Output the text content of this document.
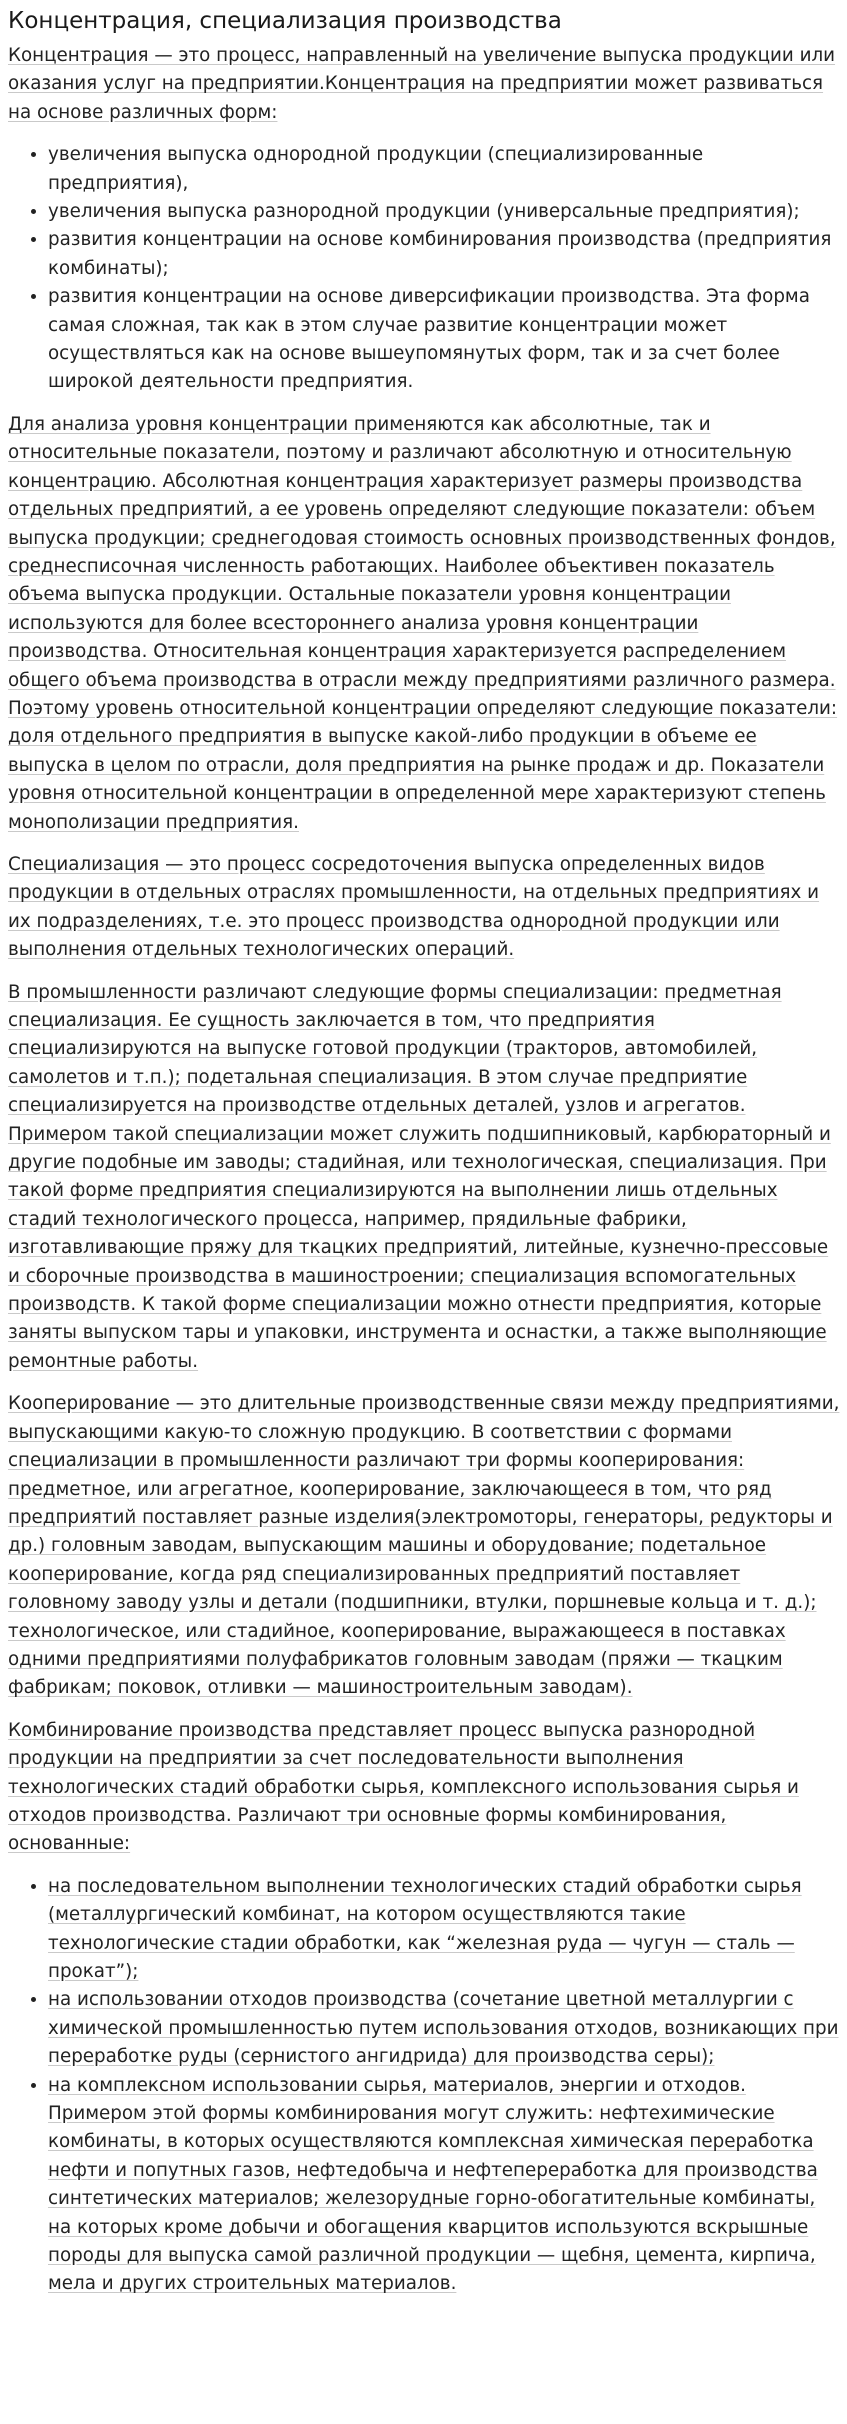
Концентрация, специализация производства

Концентрация — это процесс, направленный на увеличение выпуска продукции или оказания услуг на предприятии.Концентрация на предприятии может развиваться на основе различных форм:

• увеличения выпуска однородной продукции (специализированные предприятия),
• увеличения выпуска разнородной продукции (универсальные предприятия);
• развития концентрации на основе комбинирования производства (предприятия комбинаты);
• развития концентрации на основе диверсификации производства. Эта форма самая сложная, так как в этом случае развитие концентрации может осуществляться как на основе вышеупомянутых форм, так и за счет более широкой деятельности предприятия.

Для анализа уровня концентрации применяются как абсолютные, так и относительные показатели, поэтому и различают абсолютную и относительную концентрацию. Абсолютная концентрация характеризует размеры производства отдельных предприятий, а ее уровень определяют следующие показатели: объем выпуска продукции; среднегодовая стоимость основных производственных фондов, среднесписочная численность работающих. Наиболее объективен показатель объема выпуска продукции. Остальные показатели уровня концентрации используются для более всестороннего анализа уровня концентрации производства. Относительная концентрация характеризуется распределением общего объема производства в отрасли между предприятиями различного размера. Поэтому уровень относительной концентрации определяют следующие показатели: доля отдельного предприятия в выпуске какой-либо продукции в объеме ее выпуска в целом по отрасли, доля предприятия на рынке продаж и др. Показатели уровня относительной концентрации в определенной мере характеризуют степень монополизации предприятия.

Специализация — это процесс сосредоточения выпуска определенных видов продукции в отдельных отраслях промышленности, на отдельных предприятиях и их подразделениях, т.е. это процесс производства однородной продукции или выполнения отдельных технологических операций.

В промышленности различают следующие формы специализации: предметная специализация. Ее сущность заключается в том, что предприятия специализируются на выпуске готовой продукции (тракторов, автомобилей, самолетов и т.п.); подетальная специализация. В этом случае предприятие специализируется на производстве отдельных деталей, узлов и агрегатов. Примером такой специализации может служить подшипниковый, карбюраторный и другие подобные им заводы; стадийная, или технологическая, специализация. При такой форме предприятия специализируются на выполнении лишь отдельных стадий технологического процесса, например, прядильные фабрики, изготавливающие пряжу для ткацких предприятий, литейные, кузнечно-прессовые и сборочные производства в машиностроении; специализация вспомогательных производств. К такой форме специализации можно отнести предприятия, которые заняты выпуском тары и упаковки, инструмента и оснастки, а также выполняющие ремонтные работы.

Кооперирование — это длительные производственные связи между предприятиями, выпускающими какую-то сложную продукцию. В соответствии с формами специализации в промышленности различают три формы кооперирования: предметное, или агрегатное, кооперирование, заключающееся в том, что ряд предприятий поставляет разные изделия(электромоторы, генераторы, редукторы и др.) головным заводам, выпускающим машины и оборудование; подетальное кооперирование, когда ряд специализированных предприятий поставляет головному заводу узлы и детали (подшипники, втулки, поршневые кольца и т. д.); технологическое, или стадийное, кооперирование, выражающееся в поставках одними предприятиями полуфабрикатов головным заводам (пряжи — ткацким фабрикам; поковок, отливки — машиностроительным заводам).

Комбинирование производства представляет процесс выпуска разнородной продукции на предприятии за счет последовательности выполнения технологических стадий обработки сырья, комплексного использования сырья и отходов производства. Различают три основные формы комбинирования, основанные:

• на последовательном выполнении технологических стадий обработки сырья (металлургический комбинат, на котором осуществляются такие технологические стадии обработки, как “железная руда — чугун — сталь — прокат”);
• на использовании отходов производства (сочетание цветной металлургии с химической промышленностью путем использования отходов, возникающих при переработке руды (сернистого ангидрида) для производства серы);
• на комплексном использовании сырья, материалов, энергии и отходов. Примером этой формы комбинирования могут служить: нефтехимические комбинаты, в которых осуществляются комплексная химическая переработка нефти и попутных газов, нефтедобыча и нефтепереработка для производства синтетических материалов; железорудные горно-обогатительные комбинаты, на которых кроме добычи и обогащения кварцитов используются вскрышные породы для выпуска самой различной продукции — щебня, цемента, кирпича, мела и других строительных материалов.
